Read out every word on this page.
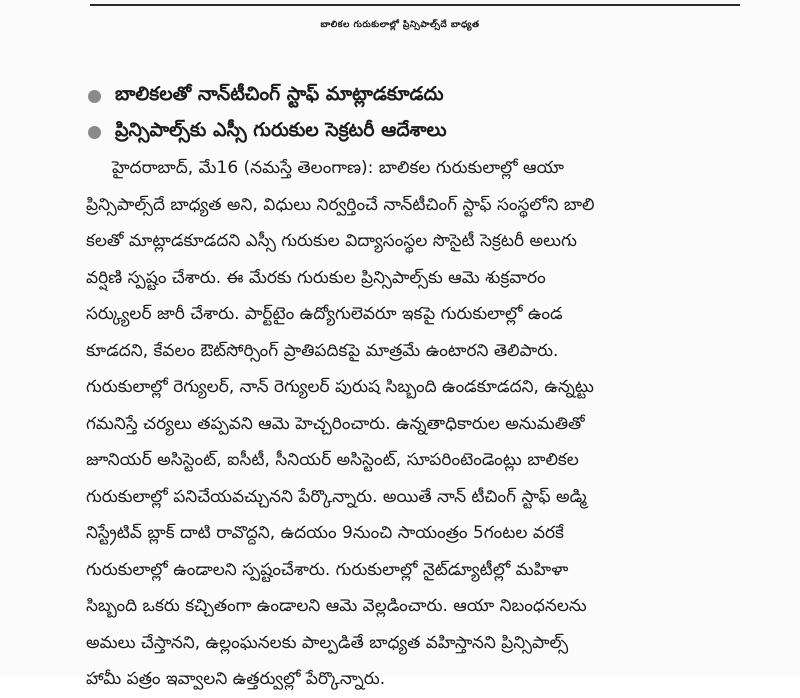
బాలికల గురుకులాల్లో ప్రిన్సిపాల్స్‌దే బాధ్యత
బాలికలతో నాన్‌టీచింగ్ స్టాఫ్ మాట్లాడకూడదు
ప్రిన్సిపాల్స్‌కు ఎస్సీ గురుకుల సెక్రటరీ ఆదేశాలు
హైదరాబాద్, మే16 (నమస్తే తెలంగాణ): బాలికల గురుకులాల్లో ఆయా
ప్రిన్సిపాల్స్‌దే బాధ్యత అని, విధులు నిర్వర్తించే నాన్‌టీచింగ్ స్టాఫ్ సంస్థలోని బాలి
కలతో మాట్లాడకూడదని ఎస్సీ గురుకుల విద్యాసంస్థల సొసైటీ సెక్రటరీ అలుగు
వర్షిణి స్పష్టం చేశారు. ఈ మేరకు గురుకుల ప్రిన్సిపాల్స్‌కు ఆమె శుక్రవారం
సర్క్యులర్ జారీ చేశారు. పార్ట్‌టైం ఉద్యోగులెవరూ ఇకపై గురుకులాల్లో ఉండ
కూడదని, కేవలం ఔట్‌సోర్సింగ్ ప్రాతిపదికపై మాత్రమే ఉంటారని తెలిపారు.
గురుకులాల్లో రెగ్యులర్, నాన్ రెగ్యులర్ పురుష సిబ్బంది ఉండకూడదని, ఉన్నట్టు
గమనిస్తే చర్యలు తప్పవని ఆమె హెచ్చరించారు. ఉన్నతాధికారుల అనుమతితో
జూనియర్ అసిస్టెంట్, ఐసీటీ, సీనియర్ అసిస్టెంట్, సూపరింటెండెంట్లు బాలికల
గురుకులాల్లో పనిచేయవచ్చునని పేర్కొన్నారు. అయితే నాన్ టీచింగ్ స్టాఫ్ అడ్మి
నిస్ట్రేటివ్ బ్లాక్ దాటి రావొద్దని, ఉదయం 9నుంచి సాయంత్రం 5గంటల వరకే
గురుకులాల్లో ఉండాలని స్పష్టంచేశారు. గురుకులాల్లో నైట్‌డ్యూటీల్లో మహిళా
సిబ్బంది ఒకరు కచ్చితంగా ఉండాలని ఆమె వెల్లడించారు. ఆయా నిబంధనలను
అమలు చేస్తానని, ఉల్లంఘనలకు పాల్పడితే బాధ్యత వహిస్తానని ప్రిన్సిపాల్స్
హామీ పత్రం ఇవ్వాలని ఉత్తర్వుల్లో పేర్కొన్నారు.
